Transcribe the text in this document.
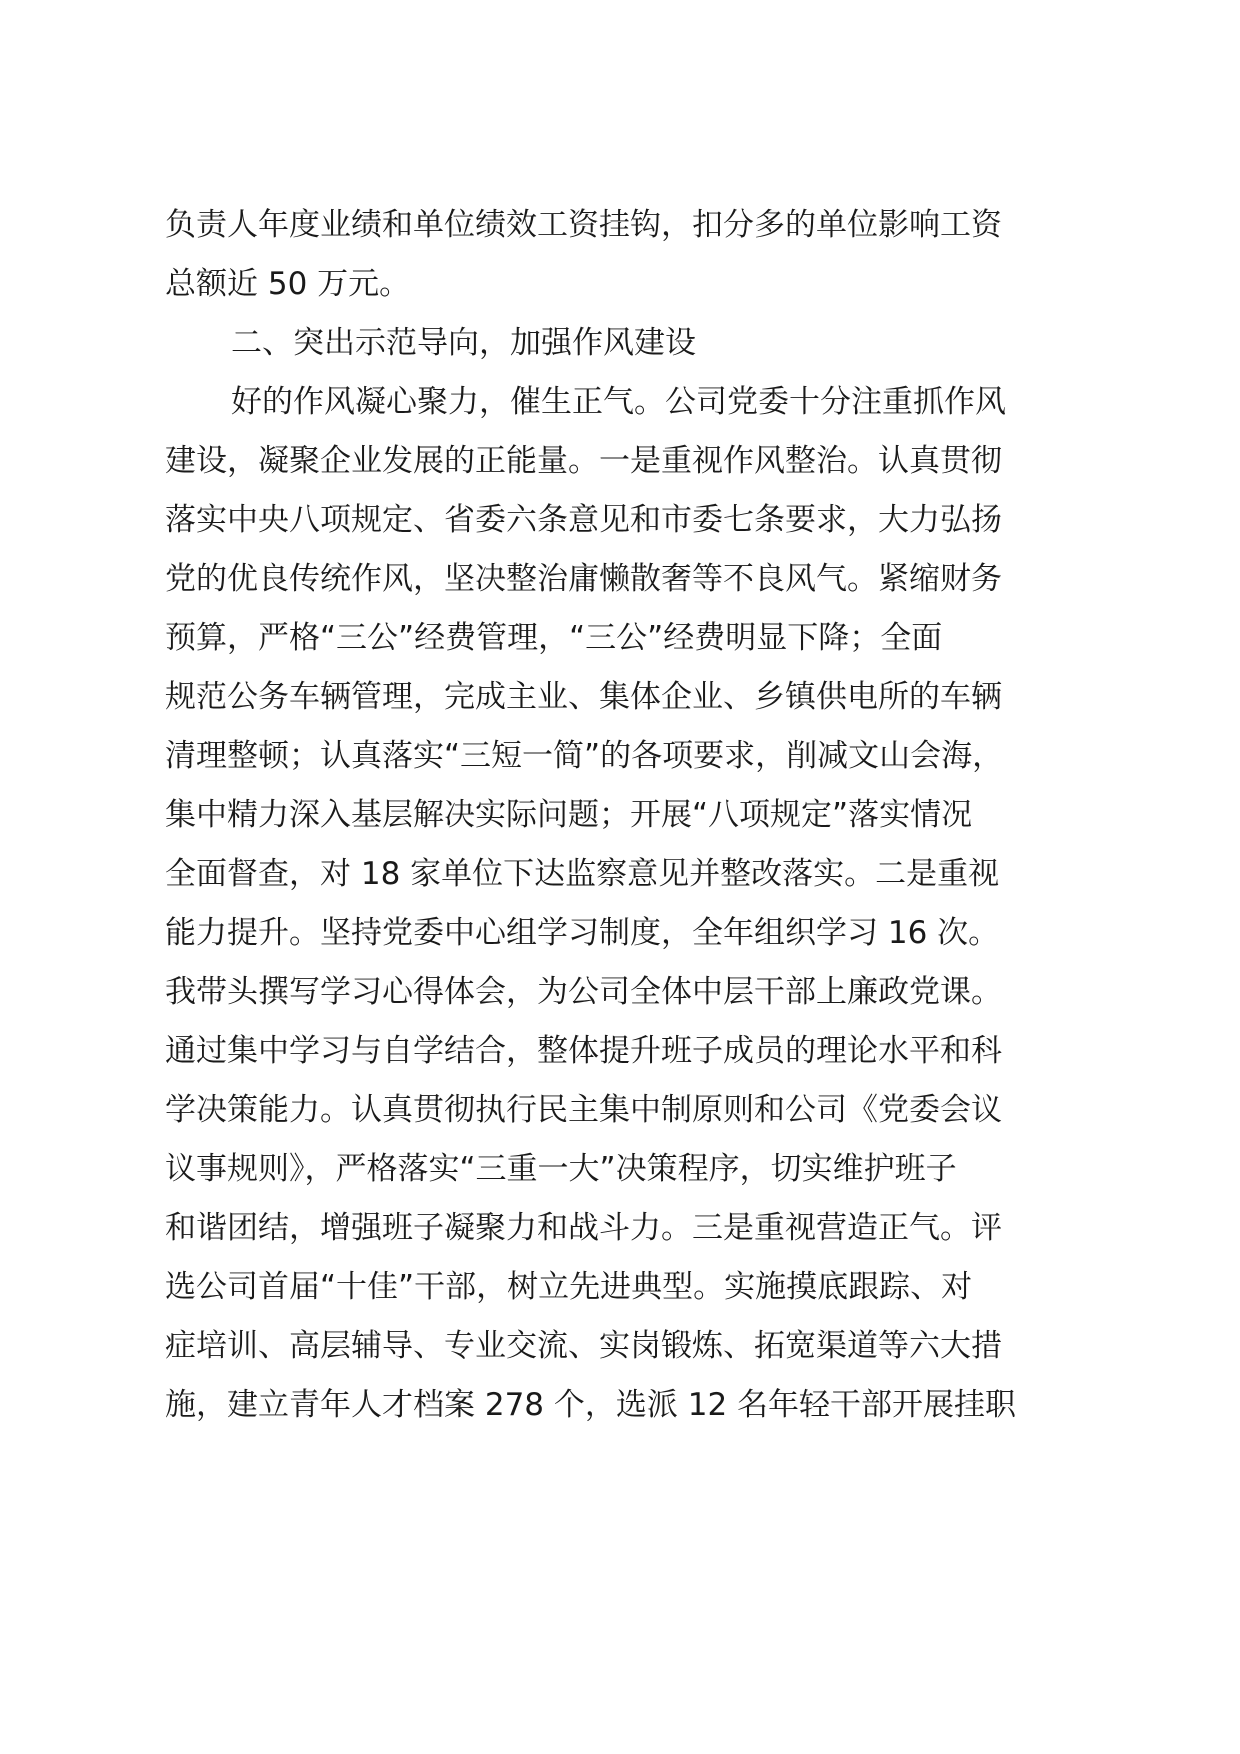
负责人年度业绩和单位绩效工资挂钩，扣分多的单位影响工资
总额近 50 万元。
二、突出示范导向，加强作风建设
好的作风凝心聚力，催生正气。公司党委十分注重抓作风
建设，凝聚企业发展的正能量。一是重视作风整治。认真贯彻
落实中央八项规定、省委六条意见和市委七条要求，大力弘扬
党的优良传统作风，坚决整治庸懒散奢等不良风气。紧缩财务
预算，严格“三公”经费管理，“三公”经费明显下降；全面
规范公务车辆管理，完成主业、集体企业、乡镇供电所的车辆
清理整顿；认真落实“三短一简”的各项要求，削减文山会海，
集中精力深入基层解决实际问题；开展“八项规定”落实情况
全面督查，对 18 家单位下达监察意见并整改落实。二是重视
能力提升。坚持党委中心组学习制度，全年组织学习 16 次。
我带头撰写学习心得体会，为公司全体中层干部上廉政党课。
通过集中学习与自学结合，整体提升班子成员的理论水平和科
学决策能力。认真贯彻执行民主集中制原则和公司《党委会议
议事规则》，严格落实“三重一大”决策程序，切实维护班子
和谐团结，增强班子凝聚力和战斗力。三是重视营造正气。评
选公司首届“十佳”干部，树立先进典型。实施摸底跟踪、对
症培训、高层辅导、专业交流、实岗锻炼、拓宽渠道等六大措
施，建立青年人才档案 278 个，选派 12 名年轻干部开展挂职
